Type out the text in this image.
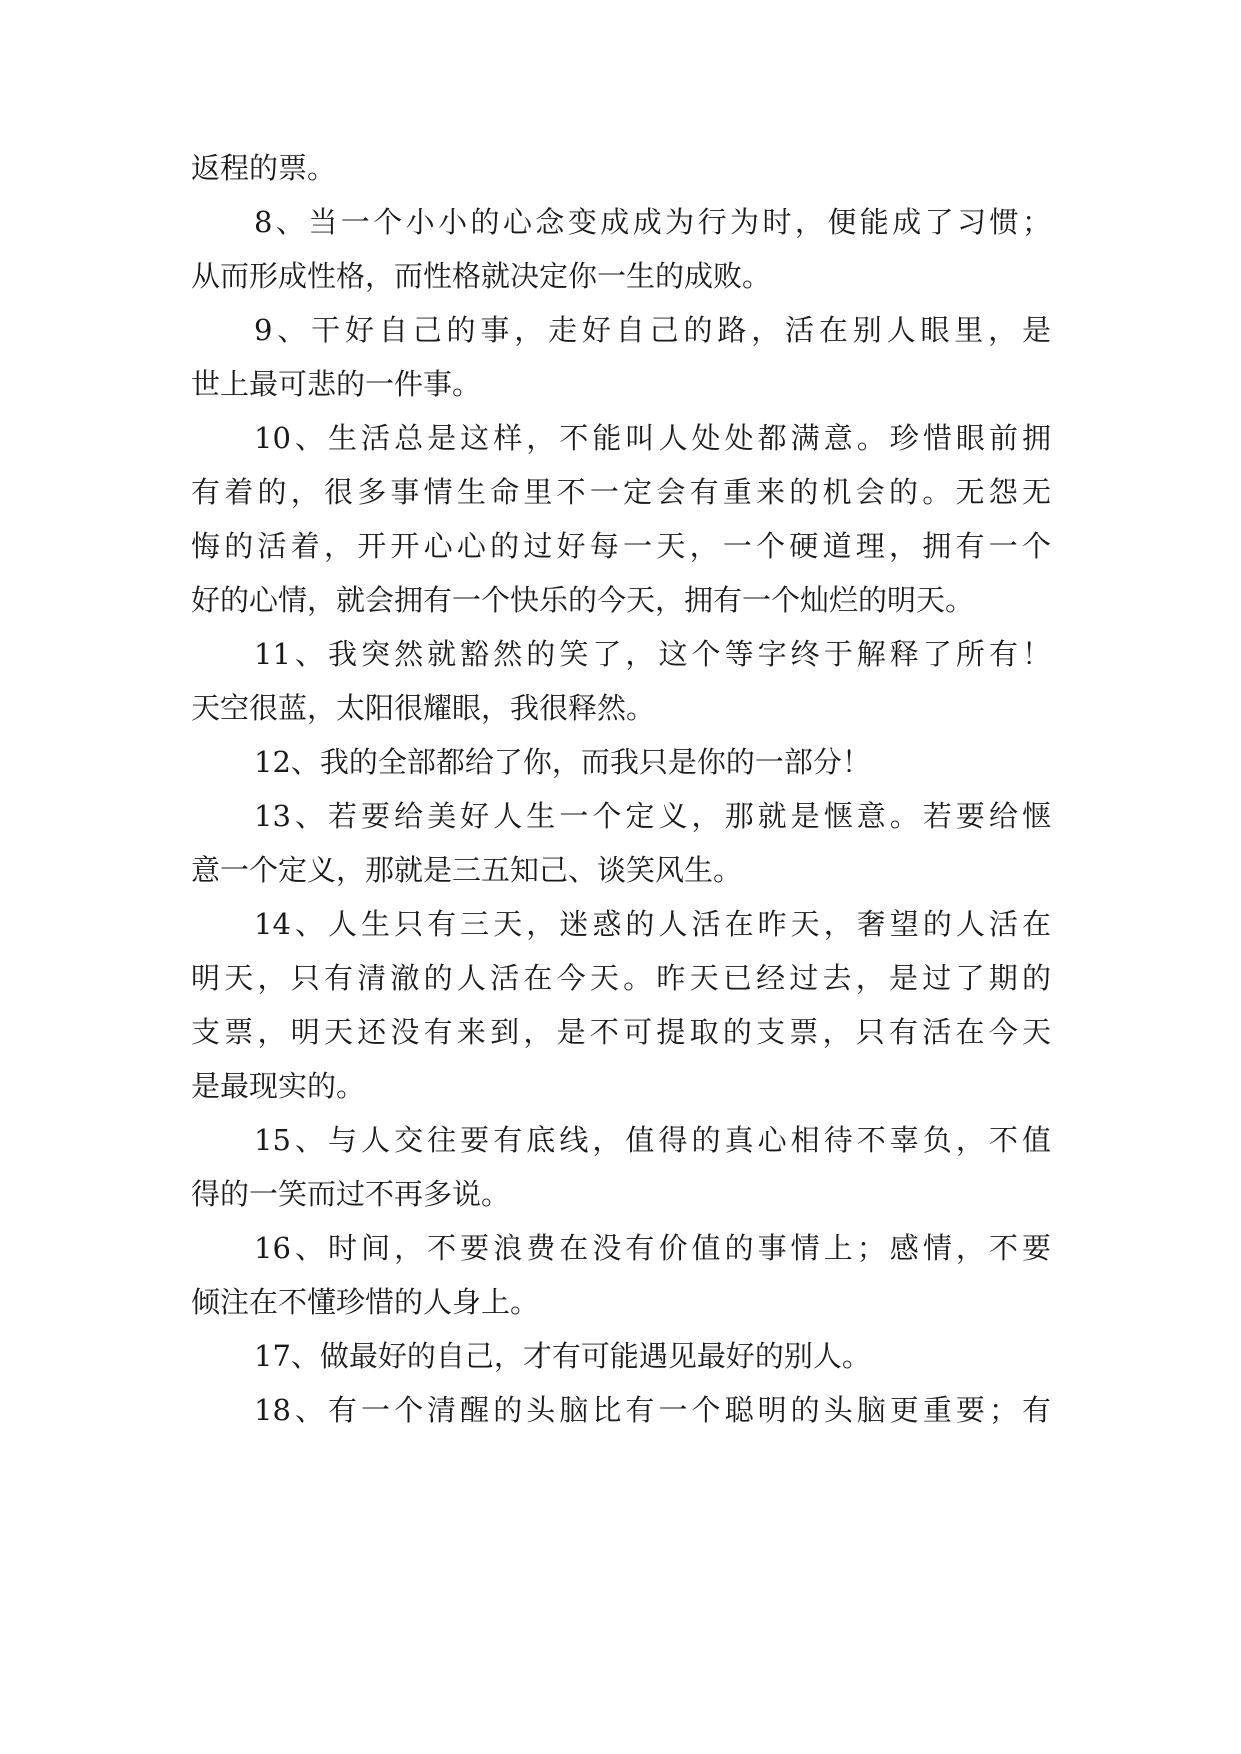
返程的票。
8、当一个小小的心念变成成为行为时，便能成了习惯；
从而形成性格，而性格就决定你一生的成败。
9、干好自己的事，走好自己的路，活在别人眼里，是
世上最可悲的一件事。
10、生活总是这样，不能叫人处处都满意。珍惜眼前拥
有着的，很多事情生命里不一定会有重来的机会的。无怨无
悔的活着，开开心心的过好每一天，一个硬道理，拥有一个
好的心情，就会拥有一个快乐的今天，拥有一个灿烂的明天。
11、我突然就豁然的笑了，这个等字终于解释了所有！
天空很蓝，太阳很耀眼，我很释然。
12、我的全部都给了你，而我只是你的一部分！
13、若要给美好人生一个定义，那就是惬意。若要给惬
意一个定义，那就是三五知己、谈笑风生。
14、人生只有三天，迷惑的人活在昨天，奢望的人活在
明天，只有清澈的人活在今天。昨天已经过去，是过了期的
支票，明天还没有来到，是不可提取的支票，只有活在今天
是最现实的。
15、与人交往要有底线，值得的真心相待不辜负，不值
得的一笑而过不再多说。
16、时间，不要浪费在没有价值的事情上；感情，不要
倾注在不懂珍惜的人身上。
17、做最好的自己，才有可能遇见最好的别人。
18、有一个清醒的头脑比有一个聪明的头脑更重要；有
